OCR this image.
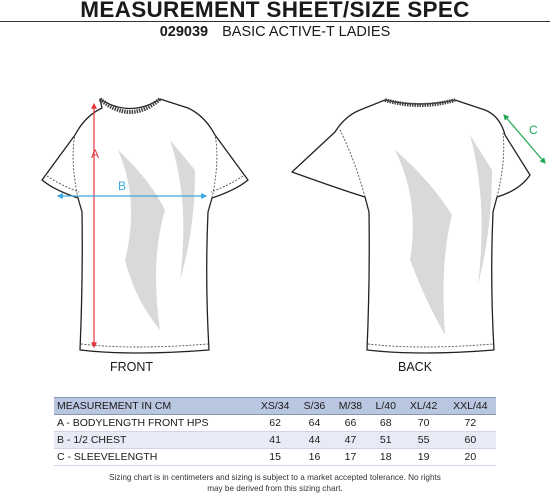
MEASUREMENT SHEET/SIZE SPEC
029039 BASIC ACTIVE-T LADIES
A
B
C
FRONT	BACK
MEASUREMENT IN CM	XS/34	S/36	M/38	L/40	XL/42	XXL/44
A - BODYLENGTH FRONT HPS	62	64	66	68	70	72
B - 1/2 CHEST	41	44	47	51	55	60
C - SLEEVELENGTH	15	16	17	18	19	20
Sizing chart is in centimeters and sizing is subject to a market accepted tolerance. No rights
may be derived from this sizing chart.
